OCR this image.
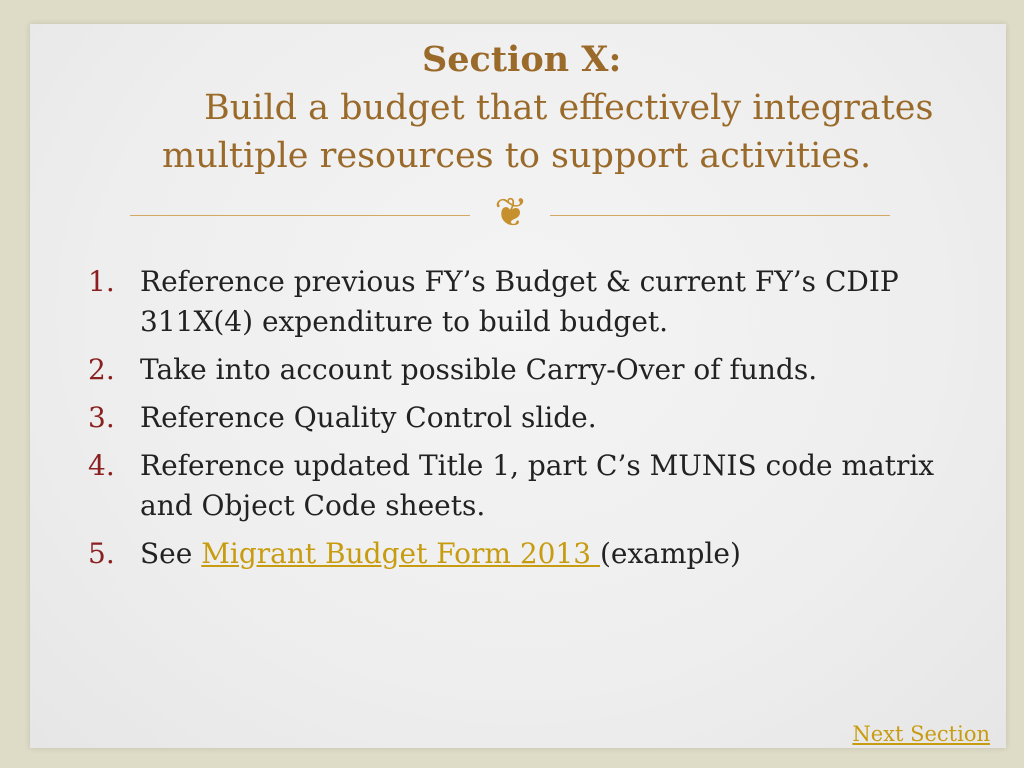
Section X:
Build a budget that effectively integrates
multiple resources to support activities.
❦
1. Reference previous FY’s Budget & current FY’s CDIP 311X(4) expenditure to build budget.
2. Take into account possible Carry-Over of funds.
3. Reference Quality Control slide.
4. Reference updated Title 1, part C’s MUNIS code matrix and Object Code sheets.
5. See Migrant Budget Form 2013 (example)
Next Section
